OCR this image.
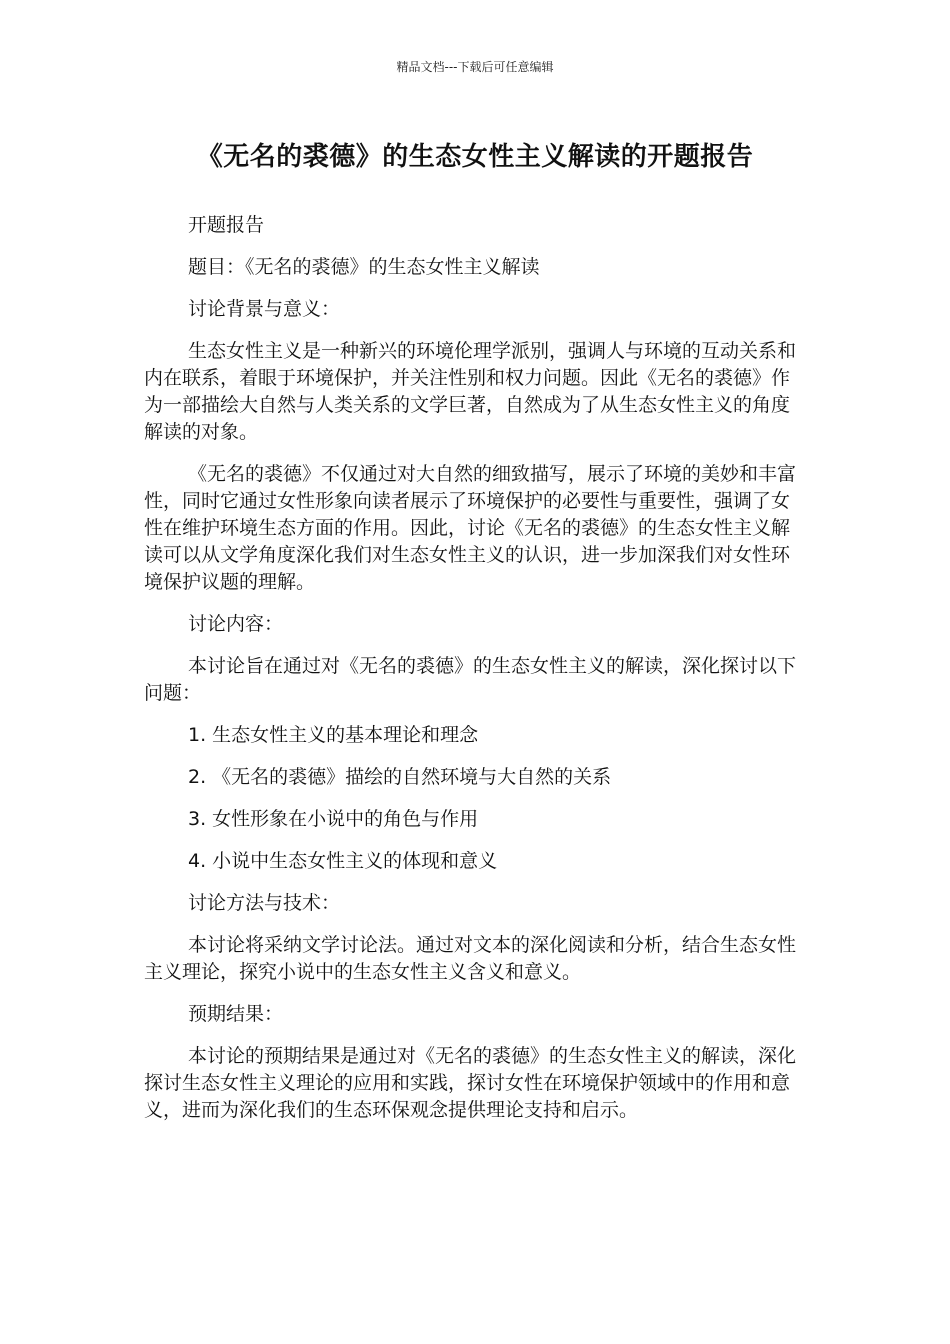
精品文档---下载后可任意编辑
《无名的裘德》的生态女性主义解读的开题报告

开题报告

题目：《无名的裘德》的生态女性主义解读

讨论背景与意义：

生态女性主义是一种新兴的环境伦理学派别，强调人与环境的互动关系和内在联系，着眼于环境保护，并关注性别和权力问题。因此《无名的裘德》作为一部描绘大自然与人类关系的文学巨著，自然成为了从生态女性主义的角度解读的对象。

《无名的裘德》不仅通过对大自然的细致描写，展示了环境的美妙和丰富性，同时它通过女性形象向读者展示了环境保护的必要性与重要性，强调了女性在维护环境生态方面的作用。因此，讨论《无名的裘德》的生态女性主义解读可以从文学角度深化我们对生态女性主义的认识，进一步加深我们对女性环境保护议题的理解。

讨论内容：

本讨论旨在通过对《无名的裘德》的生态女性主义的解读，深化探讨以下问题：

1. 生态女性主义的基本理论和理念

2. 《无名的裘德》描绘的自然环境与大自然的关系

3. 女性形象在小说中的角色与作用

4. 小说中生态女性主义的体现和意义

讨论方法与技术：

本讨论将采纳文学讨论法。通过对文本的深化阅读和分析，结合生态女性主义理论，探究小说中的生态女性主义含义和意义。

预期结果：

本讨论的预期结果是通过对《无名的裘德》的生态女性主义的解读，深化探讨生态女性主义理论的应用和实践，探讨女性在环境保护领域中的作用和意义，进而为深化我们的生态环保观念提供理论支持和启示。
